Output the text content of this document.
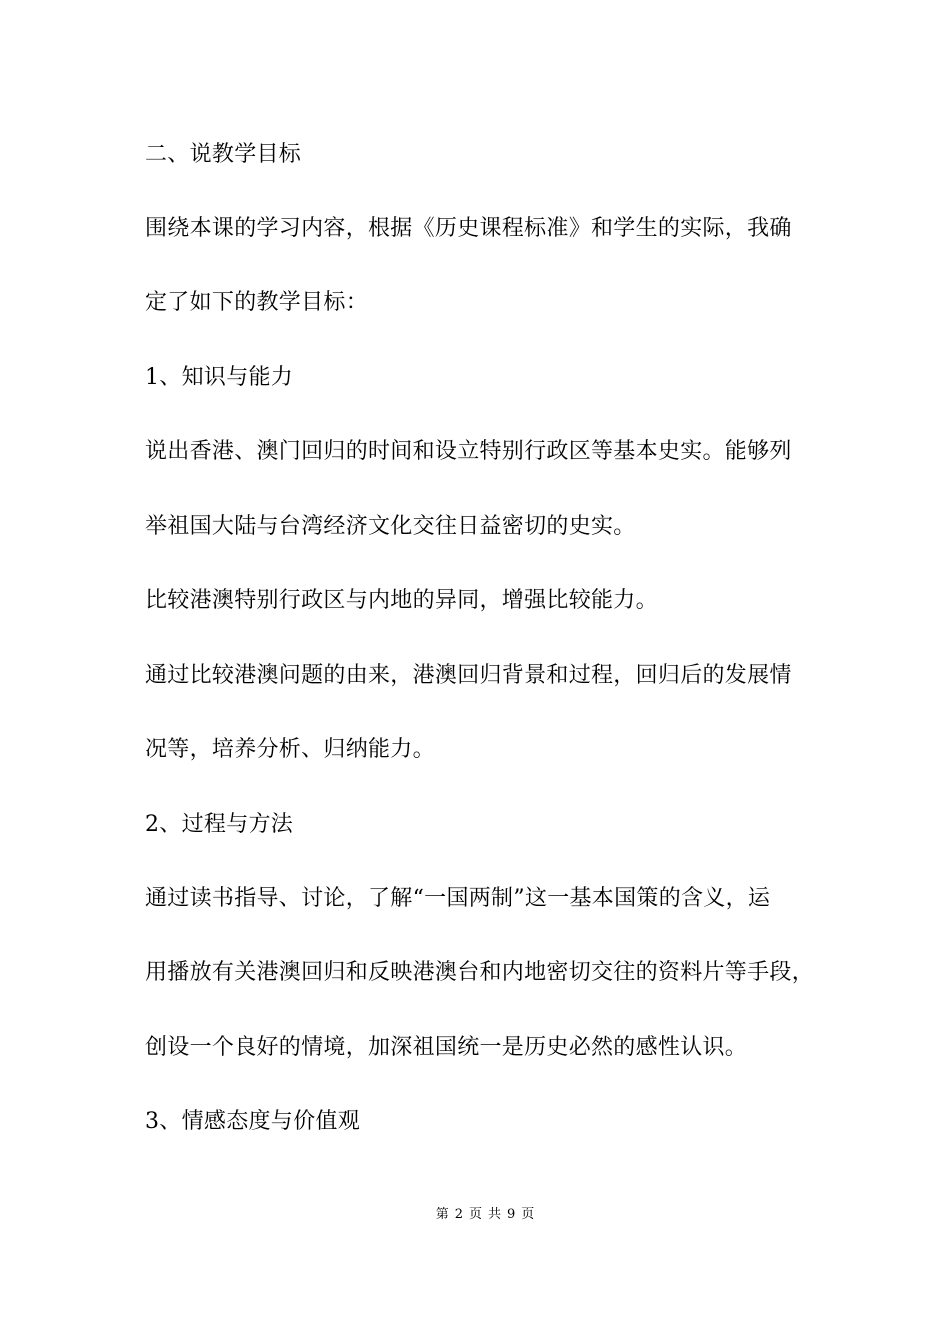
二、说教学目标
围绕本课的学习内容，根据《历史课程标准》和学生的实际，我确
定了如下的教学目标：
1、知识与能力
说出香港、澳门回归的时间和设立特别行政区等基本史实。能够列
举祖国大陆与台湾经济文化交往日益密切的史实。
比较港澳特别行政区与内地的异同，增强比较能力。
通过比较港澳问题的由来，港澳回归背景和过程，回归后的发展情
况等，培养分析、归纳能力。
2、过程与方法
通过读书指导、讨论，了解“一国两制”这一基本国策的含义，运
用播放有关港澳回归和反映港澳台和内地密切交往的资料片等手段，
创设一个良好的情境，加深祖国统一是历史必然的感性认识。
3、情感态度与价值观
第 2 页 共 9 页
